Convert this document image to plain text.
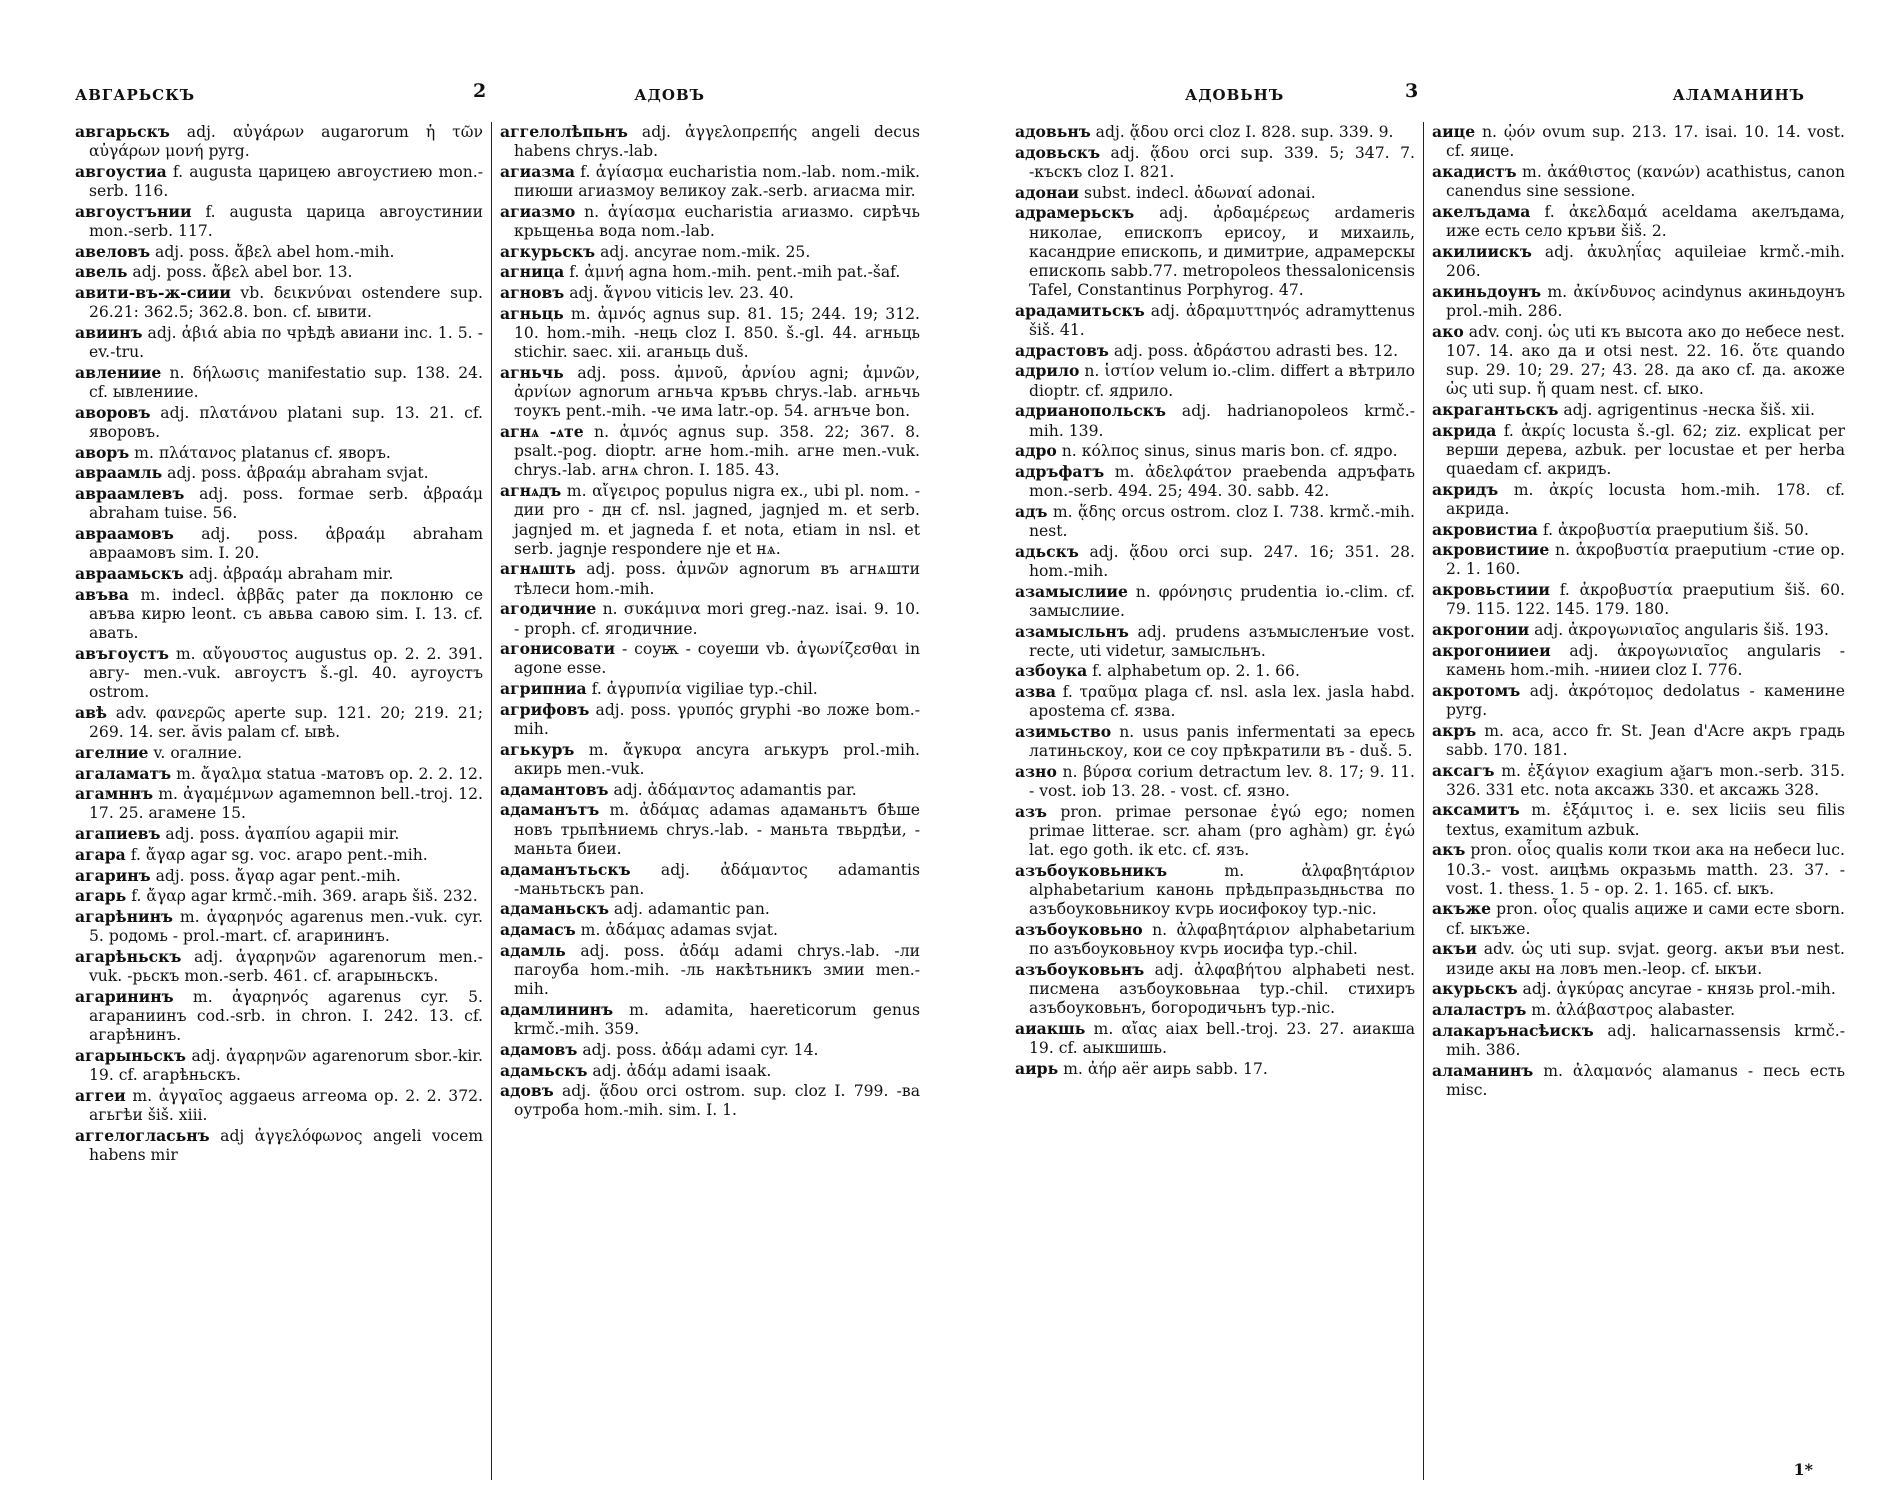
АВГАРЬСКЪ	2	АДОВЪ

авгарьскъ adj. αὐγάρων augarorum ἡ τῶν αὐγάρων μονή pyrg.

авгоустиа f. augusta царицею авгоустиею mon.-serb. 116.

авгоустънии f. augusta царица авгоустинии mon.-serb. 117.

авеловъ adj. poss. ἄβελ abel hom.-mih.

авель adj. poss. ἄβελ abel bor. 13.

авити-въ-ж-сиии vb. δεικνύναι ostendere sup. 26.21: 362.5; 362.8. bon. cf. ывити.

авиинъ adj. ἀβιά abia по чрѣдѣ авиани inc. 1. 5. - ev.-tru.

авлениие n. δήλωσις manifestatio sup. 138. 24. cf. ывлениие.

аворовъ adj. πλατάνου platani sup. 13. 21. cf. яворовъ.

аворъ m. πλάτανος platanus cf. яворъ.

авраамль adj. poss. ἀβραάμ abraham svjat.

авраамлевъ adj. poss. formae serb. ἀβραάμ abraham tuise. 56.

авраамовъ adj. poss. ἀβραάμ abraham авраамовъ sim. I. 20.

авраамьскъ adj. ἀβραάμ abraham mir.

авъва m. indecl. ἀββᾶς pater да поклоню се авъва кирю leont. съ авьва савою sim. I. 13. cf. авать.

авъгоустъ m. αὔγουστος augustus op. 2. 2. 391. авгу- men.-vuk. авгоустъ š.-gl. 40. аугоустъ ostrom.

авѣ adv. φανερῶς aperte sup. 121. 20; 219. 21; 269. 14. ser. ăvis palam cf. ывѣ.

агелние v. огалние.

агаламатъ m. ἄγαλμα statua -матовъ op. 2. 2. 12.

агамннъ m. ἀγαμέμνων agamemnon bell.-troj. 12. 17. 25. агамене 15.

агапиевъ adj. poss. ἀγαπίου agapii mir.

агара f. ἄγαρ agar sg. voc. агаро pent.-mih.

агаринъ adj. poss. ἄγαρ agar pent.-mih.

агарь f. ἄγαρ agar krmč.-mih. 369. агарь šiš. 232.

агарѣнинъ m. ἀγαρηνός agarenus men.-vuk. cyr. 5. родомь - prol.-mart. cf. агарининъ.

агарѣньскъ adj. ἀγαρηνῶν agarenorum men.-vuk. -рьскъ mon.-serb. 461. cf. агарыньскъ.

агарининъ m. ἀγαρηνός agarenus cyr. 5. агараниинъ cod.-srb. in chron. I. 242. 13. cf. агарѣнинъ.

агарыньскъ adj. ἀγαρηνῶν agarenorum sbor.-kir. 19. cf. агарѣньскъ.

аггеи m. ἀγγαῖος aggaeus аггеома op. 2. 2. 372. агьгѣи šiš. xiii.

аггелогласьнъ adj ἀγγελόφωνος angeli vocem habens mir

аггелолѣпьнъ adj. ἀγγελοπρεπής angeli decus habens chrys.-lab.

агиазма f. ἁγίασμα eucharistia nom.-lab. nom.-mik. пиюши агиазмоу великоу zak.-serb. агиасма mir.

агиазмо n. ἁγίασμα eucharistia агиазмо. сирѣчь крьщеньа вода nom.-lab.

агкурьскъ adj. ancyrae nom.-mik. 25.

агница f. ἀμνή agna hom.-mih. pent.-mih pat.-šaf.

агновъ adj. ἄγνου viticis lev. 23. 40.

агньць m. ἀμνός agnus sup. 81. 15; 244. 19; 312. 10. hom.-mih. -нець cloz I. 850. š.-gl. 44. агньць stichir. saec. xii. аганьць duš.

агньчь adj. poss. ἀμνοῦ, ἀρνίου agni; ἀμνῶν, ἀρνίων agnorum агньча кръвь chrys.-lab. агньчь тоукъ pent.-mih. -че има latr.-op. 54. агнъче bon.

агнѧ -ѧте n. ἀμνός agnus sup. 358. 22; 367. 8. psalt.-pog. dioptr. агне hom.-mih. агне men.-vuk. chrys.-lab. агнѧ chron. I. 185. 43.

агнѧдъ m. αἴγειρος populus nigra ex., ubi pl. nom. - дии pro - дн cf. nsl. jagned, jagnjed m. et serb. jagnjed m. et jagneda f. et nota, etiam in nsl. et serb. jagnje respondere nje et нѧ.

агнѧшть adj. poss. ἀμνῶν agnorum въ агнѧшти тѣлеси hom.-mih.

агодичние n. συκάμινα mori greg.-naz. isai. 9. 10. - proph. cf. ягодичние.

агонисовати - соуѭ - соуеши vb. ἀγωνίζεσθαι in agone esse.

агрипниа f. ἀγρυπνία vigiliae typ.-chil.

агрифовъ adj. poss. γρυπός gryphi -во ложе bom.-mih.

агькуръ m. ἄγκυρα ancyra агькуръ prol.-mih. акирь men.-vuk.

адамантовъ adj. ἀδάμαντος adamantis par.

адаманътъ m. ἀδάμας adamas адаманьтъ бѣше новъ трьпѣниемь chrys.-lab. - маньта твьрдѣи, - маньта биеи.

адаманътьскъ adj. ἀδάμαντος adamantis -маньтьскъ pan.

адаманьскъ adj. adamantic pan.

адамасъ m. ἀδάμας adamas svjat.

адамль adj. poss. ἀδάμ adami chrys.-lab. -ли пагоуба hom.-mih. -ль накѣтьникъ змии men.-mih.

адамлининъ m. adamita, haereticorum genus krmč.-mih. 359.

адамовъ adj. poss. ἀδάμ adami cyr. 14.

адамьскъ adj. ἀδάμ adami isaak.

адовъ adj. ᾅδου orci ostrom. sup. cloz I. 799. -ва оутроба hom.-mih. sim. I. 1.

АДОВЬНЪ	3	АЛАМАНИНЪ

адовьнъ adj. ᾅδου orci cloz I. 828. sup. 339. 9.

адовьскъ adj. ᾅδου orci sup. 339. 5; 347. 7. -къскъ cloz I. 821.

адонаи subst. indecl. ἀδωναί adonai.

адрамерьскъ adj. ἀρδαμέρεως ardameris николае, епископъ ерисоу, и михаиль, касандрие епископь, и димитрие, адрамерскы епископь sabb.77. metropoleos thessalonicensis Tafel, Constantinus Porphyrog. 47.

арадамитьскъ adj. ἀδραμυττηνός adramyttenus šiš. 41.

адрастовъ adj. poss. ἀδράστου adrasti bes. 12.

адрило n. ἱστίον velum io.-clim. differt a вѣтрило dioptr. cf. ядрило.

адрианопольскъ adj. hadrianopoleos krmč.-mih. 139.

адро n. κόλπος sinus, sinus maris bon. cf. ядро.

адръфатъ m. ἀδελφάτον praebenda адръфать mon.-serb. 494. 25; 494. 30. sabb. 42.

адъ m. ᾅδης orcus ostrom. cloz I. 738. krmč.-mih. nest.

адьскъ adj. ᾅδου orci sup. 247. 16; 351. 28. hom.-mih.

азамыслиие n. φρόνησις prudentia io.-clim. cf. замыслиие.

азамысльнъ adj. prudens азъмысленъие vost. recte, uti videtur, замысльнъ.

азбоука f. alphabetum op. 2. 1. 66.

азва f. τραῦμα plaga cf. nsl. asla lex. jasla habd. apostema cf. язва.

азимьство n. usus panis infermentati за ересь латиньскоу, кои се соу прѣкратили въ - duš. 5.

азно n. βύρσα corium detractum lev. 8. 17; 9. 11. - vost. iob 13. 28. - vost. cf. язно.

азъ pron. primae personae ἐγώ ego; nomen primae litterae. scr. aham (pro aghàm) gr. ἐγώ lat. ego goth. ik etc. cf. язъ.

азъбоуковьникъ m. ἀλφαβητάριον alphabetarium канонь прѣдьпразьдньства по азъбоуковьникоу кѵрь иосифокоу typ.-nic.

азъбоуковьно n. ἀλφαβητάριον alphabetarium по азъбоуковьноу кѵрь иосифа typ.-chil.

азъбоуковьнъ adj. ἀλφαβήτου alphabeti nest. писмена азъбоуковьнаа typ.-chil. стихиръ азъбоуковьнъ, богородичьнъ typ.-nic.

аиакшь m. αἴας aiax bell.-troj. 23. 27. аиакша 19. cf. аыкшишь.

аирь m. ἀήρ aër аирь sabb. 17.

аице n. ᾠόν ovum sup. 213. 17. isai. 10. 14. vost. cf. яице.

акадистъ m. ἀκάθιστος (κανών) acathistus, canon canendus sine sessione.

акелъдама f. ἀκελδαμά aceldama акелъдама, иже есть село кръви šiš. 2.

акилиискъ adj. ἀκυληΐας aquileiae krmč.-mih. 206.

акиньдоунъ m. ἀκίνδυνος acindynus акиньдоунъ prol.-mih. 286.

ако adv. conj. ὡς uti къ высота ако до небесе nest. 107. 14. ако да и otsi nest. 22. 16. ὅτε quando sup. 29. 10; 29. 27; 43. 28. да ако cf. да. акоже ὡς uti sup. ἤ quam nest. cf. ыко.

акрагантьскъ adj. agrigentinus -неска šiš. xii.

акрида f. ἀκρίς locusta š.-gl. 62; ziz. explicat per верши дерева, azbuk. per locustae et per herba quaedam cf. акридъ.

акридъ m. ἀκρίς locusta hom.-mih. 178. cf. акрида.

акровистиа f. ἀκροβυστία praeputium šiš. 50.

акровистиие n. ἀκροβυστία praeputium -стие op. 2. 1. 160.

акровьстиии f. ἀκροβυστία praeputium šiš. 60. 79. 115. 122. 145. 179. 180.

акрогонии adj. ἀκρογωνιαῖος angularis šiš. 193.

акрогонииеи adj. ἀκρογωνιαῖος angularis - камень hom.-mih. -нииеи cloz I. 776.

акротомъ adj. ἀκρότομος dedolatus - каменине pyrg.

акръ m. aca, acco fr. St. Jean d'Acre акръ градь sabb. 170. 181.

аксагъ m. ἐξάγιον exagium аѯагъ mon.-serb. 315. 326. 331 etc. nota аксажь 330. et аксажь 328.

аксамитъ m. ἑξάμιτος i. e. sex liciis seu filis textus, examitum azbuk.

акъ pron. οἷος qualis коли ткои ака на небеси luc. 10.3.- vost. аицѣмь окразьмь matth. 23. 37. - vost. 1. thess. 1. 5 - op. 2. 1. 165. cf. ыкъ.

акъже pron. οἷος qualis ацижe и сами есте sborn. cf. ыкъже.

акъи adv. ὡς uti sup. svjat. georg. акъи въи nest. изиде акы на ловъ men.-leop. cf. ыкъи.

акурьскъ adj. ἀγκύρας ancyrae - князь prol.-mih.

алаластръ m. ἀλάβαστρος alabaster.

алакарънасѣискъ adj. halicarnassensis krmč.-mih. 386.

аламанинъ m. ἀλαμανός alamanus - песь есть misc.

1*
